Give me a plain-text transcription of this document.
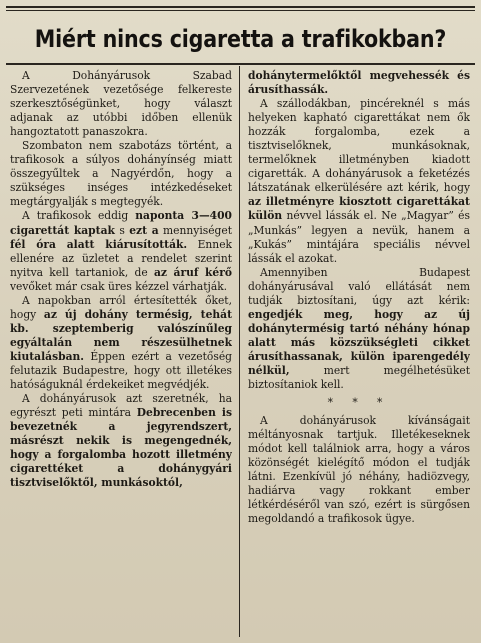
Miért nincs cigaretta a trafikokban?

A Dohányárusok Szabad Szervezetének vezetősége felkereste szerkesztőségünket, hogy választ adjanak az utóbbi időben ellenük hangoztatott panaszokra.

Szombaton nem szabotázs történt, a trafikosok a súlyos dohányínség miatt összegyűltek a Nagyérdőn, hogy a szükséges inséges intézkedéseket megtárgyalják s megtegyék.

A trafikosok eddig naponta 3—400 cigarettát kaptak s ezt a mennyiséget fél óra alatt kiárusították. Ennek ellenére az üzletet a rendelet szerint nyitva kell tartaniok, de az áruf kérő vevőket már csak üres kézzel várhatják.

A napokban arról értesítették őket, hogy az új dohány termésig, tehát kb. szeptemberig valószínűleg egyáltalán nem részesülhetnek kiutalásban. Éppen ezért a vezetőség felutazik Budapestre, hogy ott illetékes hatóságuknál érdekeiket megvédjék.

A dohányárusok azt szeretnék, ha egyrészt peti mintára Debrecenben is bevezetnék a jegyrendszert, másrészt nekik is megengednék, hogy a forgalomba hozott illetmény cigarettéket a dohánygyári tisztviselőktől, munkásoktól,

dohánytermelőktől megvehessék és árusíthassák.

A szállodákban, pincéreknél s más helyeken kapható cigarettákat nem ők hozzák forgalomba, ezek a tisztviselőknek, munkásoknak, termelőknek illetményben kiadott cigaretták. A dohányárusok a feketézés látszatának elkerülésére azt kérik, hogy az illetményre kiosztott cigarettákat külön névvel lássák el. Ne „Magyar” és „Munkás” legyen a nevük, hanem a „Kukás” mintájára speciális névvel lássák el azokat.

Amennyiben Budapest dohányárusával való ellátását nem tudják biztosítani, úgy azt kérik: engedjék meg, hogy az új dohánytermésig tartó néhány hónap alatt más közszükségleti cikket árusíthassanak, külön iparengedély nélkül, mert megélhetésüket biztosítaniok kell.

* * *

A dohányárusok kívánságait méltányosnak tartjuk. Illetékeseknek módot kell találniok arra, hogy a város közönségét kielégítő módon el tudják látni. Ezenkívül jó néhány, hadiözvegy, hadiárva vagy rokkant ember létkérdéséről van szó, ezért is sürgősen megoldandó a trafikosok ügye.
